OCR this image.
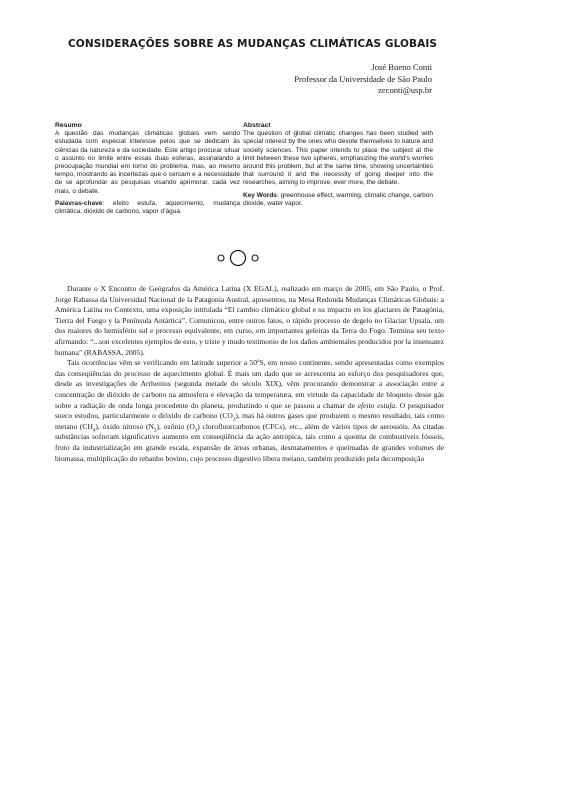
CONSIDERAÇÕES SOBRE AS MUDANÇAS CLIMÁTICAS GLOBAIS
José Bueno Conti
Professor da Universidade de São Paulo
zeconti@usp.br
Resumo

A questão das mudanças climáticas globais vem sendo estudada com especial interesse pelos que se dedicam às ciências da natureza e da sociedade. Este artigo procurar situar o assunto no limite entre essas duas esferas, assinalando a preocupação mundial em torno do problema, mas, ao mesmo tempo, mostrando as incertezas que o cercam e a necessidade de se aprofundar as pesquisas visando aprimorar, cada vez mais, o debate.

Palavras-chave: efeito estufa, aquecimento, mudança climática, dióxido de carbono, vapor d’água.

Abstract

The question of global climatic changes has been studied with special interest by the ones who devote themselves to nature and society sciences. This paper intends to place the subject at the limit between these two spheres, emphasizing the world’s worries around this problem, but at the same time, showing uncertainties that surround it and the necessity of going deeper into the researches, aiming to improve, ever more, the debate.

Key Words: greenhouse effect, warming, climatic change, carbon dioxide, water vapor.

Durante o X Encontro de Geógrafos da América Latina (X EGAL), realizado em março de 2005, em São Paulo, o Prof. Jorge Rabassa da Universidad Nacional de la Patagonia Austral, apresentou, na Mesa Redonda Mudanças Climáticas Globais: a América Latina no Contexto, uma exposição intitulada “El cambio climático global e su impacto en los glaciares de Patagónia, Tierra del Fuego y la Península Antártica”. Comunicou, entre outros fatos, o rápido processo de degelo no Glaciar Upsala, um dos maiores do hemisfério sul e processo equivalente, em curso, em importantes geleiras da Terra do Fogo. Termina seu texto afirmando: “...son excelentes ejemplos de esto, y triste y mudo testimonio de los daños ambientales producidos por la insensatez humana” (RABASSA, 2005).

Tais ocorrências vêm se verificando em latitude superior a 50ºS, em nosso continente, sendo apresentadas como exemplos das conseqüências do processo de aquecimento global. É mais um dado que se acrescenta ao esforço dos pesquisadores que, desde as investigações de Arrhenius (segunda metade do século XIX), vêm procurando demonstrar a associação entre a concentração de dióxido de carbono na atmosfera e elevação da temperatura, em virtude da capacidade de bloqueio desse gás sobre a radiação de onda longa procedente do planeta, produzindo o que se passou a chamar de efeito estufa. O pesquisador sueco estudou, particularmente o dióxido de carbono $(CO_2)$, mas há outros gases que produzem o mesmo resultado, tais como metano $(CH_4)$, óxido nitroso $(N_2)$, ozônio $(O_3)$ clorofluorcarbonos (CFCs), etc., além de vários tipos de aerossóis. As citadas substâncias sofreram significativo aumento em conseqüência da ação antrópica, tais como a queima de combustíveis fósseis, fruto da industrialização em grande escala, expansão de áreas urbanas, desmatamentos e queimadas de grandes volumes de biomassa, multiplicação do rebanho bovino, cujo processo digestivo libera metano, também produzido pela decomposição
